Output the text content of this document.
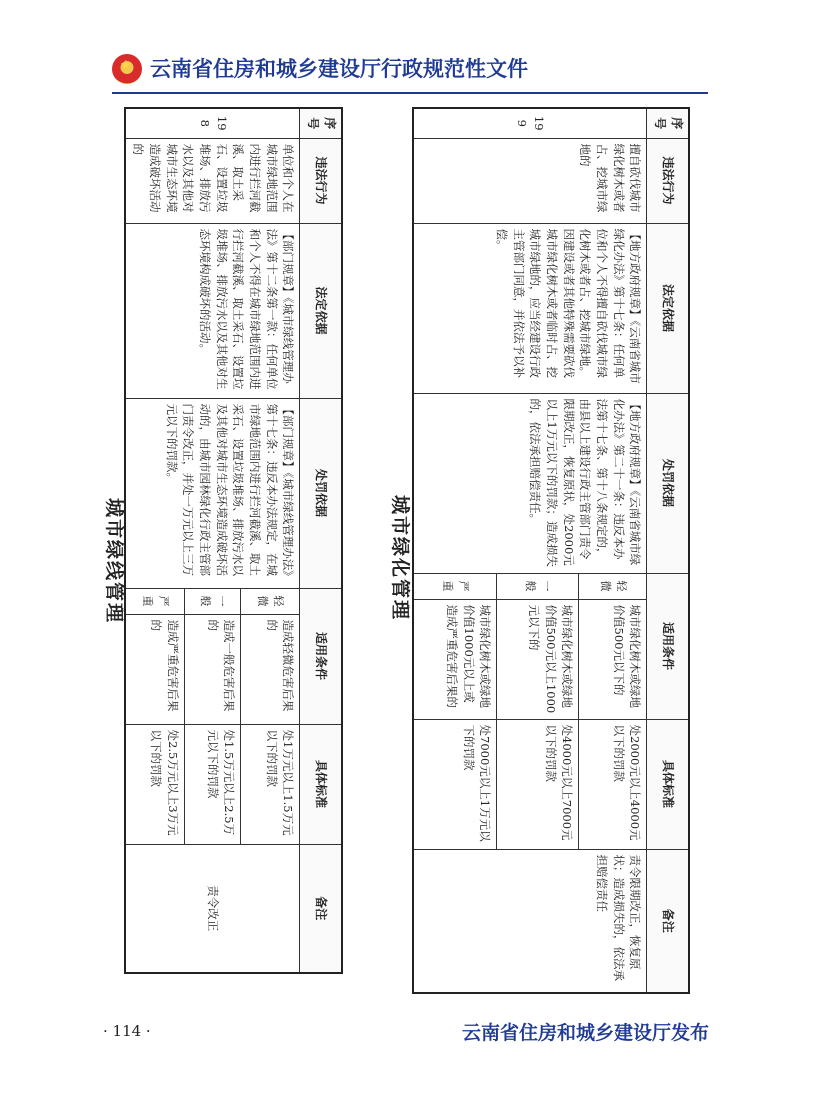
★
云南省住房和城乡建设厅行政规范性文件
城市绿线管理
序号	违法行为	法定依据	处罚依据	适用条件		具体标准	备注
198	单位和个人在城市绿地范围内进行拦河截溪、取土采石、设置垃圾堆场、排放污水以及其他对城市生态环境造成破坏活动的	【部门规章】《城市绿线管理办法》第十二条第一款：任何单位和个人不得在城市绿地范围内进行拦河截溪、取土采石、设置垃圾堆场、排放污水以及其他对生态环境构成破坏的活动。	【部门规章】《城市绿线管理办法》第十七条：违反本办法规定，在城市绿地范围内进行拦河截溪、取土采石、设置垃圾堆场、排放污水以及其他对城市生态环境造成破坏活动的，由城市园林绿化行政主管部门责令改正，并处一万元以上三万元以下的罚款。	轻微	造成轻微危害后果的	处1万元以上1.5万元以下的罚款	责令改正
				一般	造成一般危害后果的	处1.5万元以上2.5万元以下的罚款	
				严重	造成严重危害后果的	处2.5万元以上3万元以下的罚款	
城市绿化管理
序号	违法行为	法定依据	处罚依据	适用条件		具体标准	备注
199	擅自砍伐城市绿化树木或者占、挖城市绿地的	【地方政府规章】《云南省城市绿化办法》第十七条：任何单位和个人不得擅自砍伐城市绿化树木或者占、挖城市绿地。因建设或者其他特殊需要砍伐城市绿化树木或者临时占、挖城市绿地的，应当经建设行政主管部门同意，并依法予以补偿。	【地方政府规章】《云南省城市绿化办法》第二十一条：违反本办法第十七条、第十八条规定的，由县以上建设行政主管部门责令限期改正，恢复原状，处2000元以上1万元以下的罚款；造成损失的，依法承担赔偿责任。	轻微	城市绿化树木或绿地价值500元以下的	处2000元以上4000元以下的罚款	责令限期改正，恢复原状；造成损失的，依法承担赔偿责任
				一般	城市绿化树木或绿地价值500元以上1000元以下的	处4000元以上7000元以下的罚款	
				严重	城市绿化树木或绿地价值1000元以上或造成严重危害后果的	处7000元以上1万元以下的罚款	
· 114 ·	云南省住房和城乡建设厅发布
